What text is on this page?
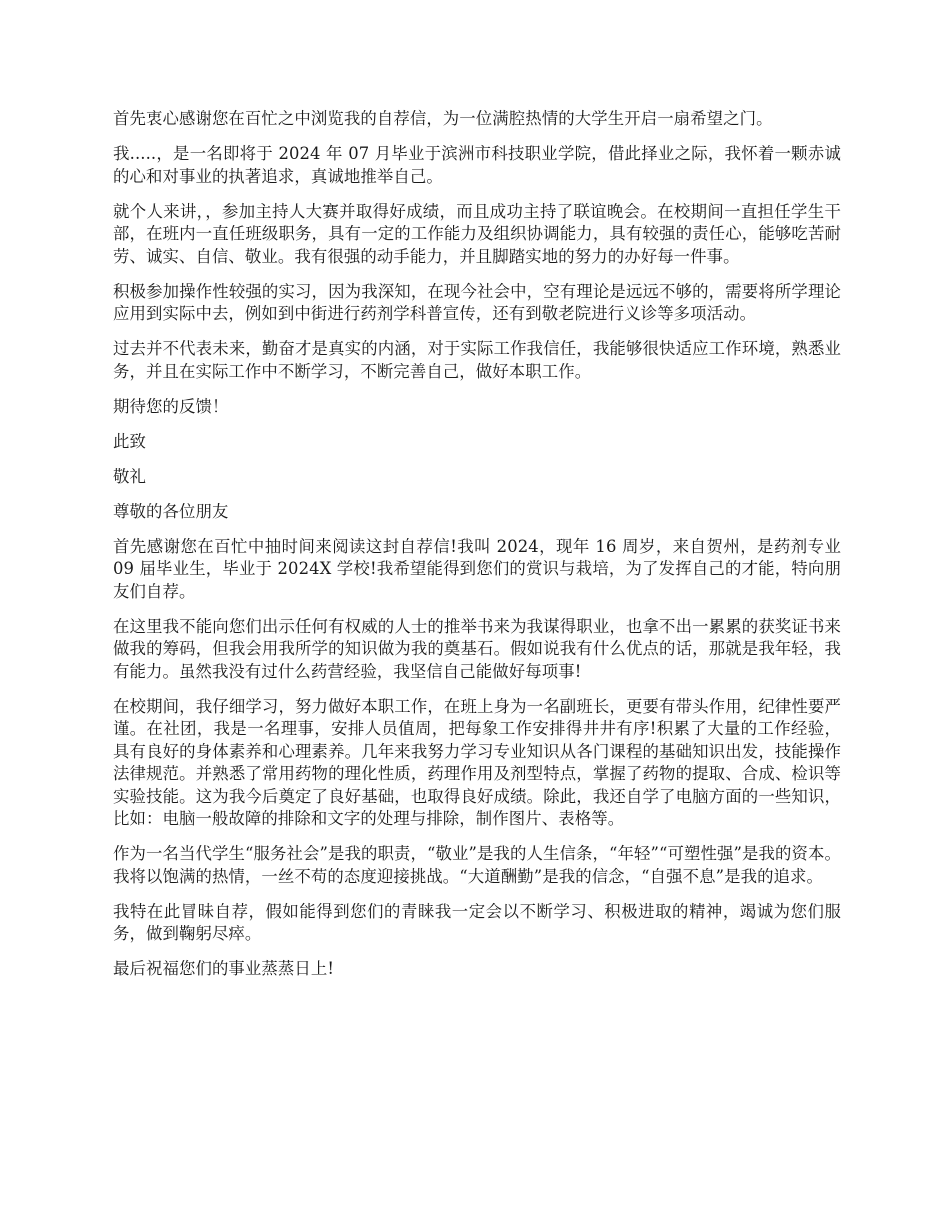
首先衷心感谢您在百忙之中浏览我的自荐信，为一位满腔热情的大学生开启一扇希望之门。

我.....，是一名即将于 2024 年 07 月毕业于滨洲市科技职业学院，借此择业之际，我怀着一颗赤诚的心和对事业的执著追求，真诚地推举自己。

就个人来讲，，参加主持人大赛并取得好成绩，而且成功主持了联谊晚会。在校期间一直担任学生干部，在班内一直任班级职务，具有一定的工作能力及组织协调能力，具有较强的责任心，能够吃苦耐劳、诚实、自信、敬业。我有很强的动手能力，并且脚踏实地的努力的办好每一件事。

积极参加操作性较强的实习，因为我深知，在现今社会中，空有理论是远远不够的，需要将所学理论应用到实际中去，例如到中街进行药剂学科普宣传，还有到敬老院进行义诊等多项活动。

过去并不代表未来，勤奋才是真实的内涵，对于实际工作我信任，我能够很快适应工作环境，熟悉业务，并且在实际工作中不断学习，不断完善自己，做好本职工作。

期待您的反馈！

此致

敬礼

尊敬的各位朋友

首先感谢您在百忙中抽时间来阅读这封自荐信!我叫 2024，现年 16 周岁，来自贺州，是药剂专业 09 届毕业生，毕业于 2024X 学校!我希望能得到您们的赏识与栽培，为了发挥自己的才能，特向朋友们自荐。

在这里我不能向您们出示任何有权威的人士的推举书来为我谋得职业，也拿不出一累累的获奖证书来做我的筹码，但我会用我所学的知识做为我的奠基石。假如说我有什么优点的话，那就是我年轻，我有能力。虽然我没有过什么药营经验，我坚信自己能做好每项事!

在校期间，我仔细学习，努力做好本职工作，在班上身为一名副班长，更要有带头作用，纪律性要严谨。在社团，我是一名理事，安排人员值周，把每象工作安排得井井有序!积累了大量的工作经验，具有良好的身体素养和心理素养。几年来我努力学习专业知识从各门课程的基础知识出发，技能操作法律规范。并熟悉了常用药物的理化性质，药理作用及剂型特点，掌握了药物的提取、合成、检识等实验技能。这为我今后奠定了良好基础，也取得良好成绩。除此，我还自学了电脑方面的一些知识，比如：电脑一般故障的排除和文字的处理与排除，制作图片、表格等。

作为一名当代学生“服务社会”是我的职责，“敬业”是我的人生信条，“年轻”“可塑性强”是我的资本。我将以饱满的热情，一丝不苟的态度迎接挑战。“大道酬勤”是我的信念，“自强不息”是我的追求。

我特在此冒昧自荐，假如能得到您们的青睐我一定会以不断学习、积极进取的精神，竭诚为您们服务，做到鞠躬尽瘁。

最后祝福您们的事业蒸蒸日上!
